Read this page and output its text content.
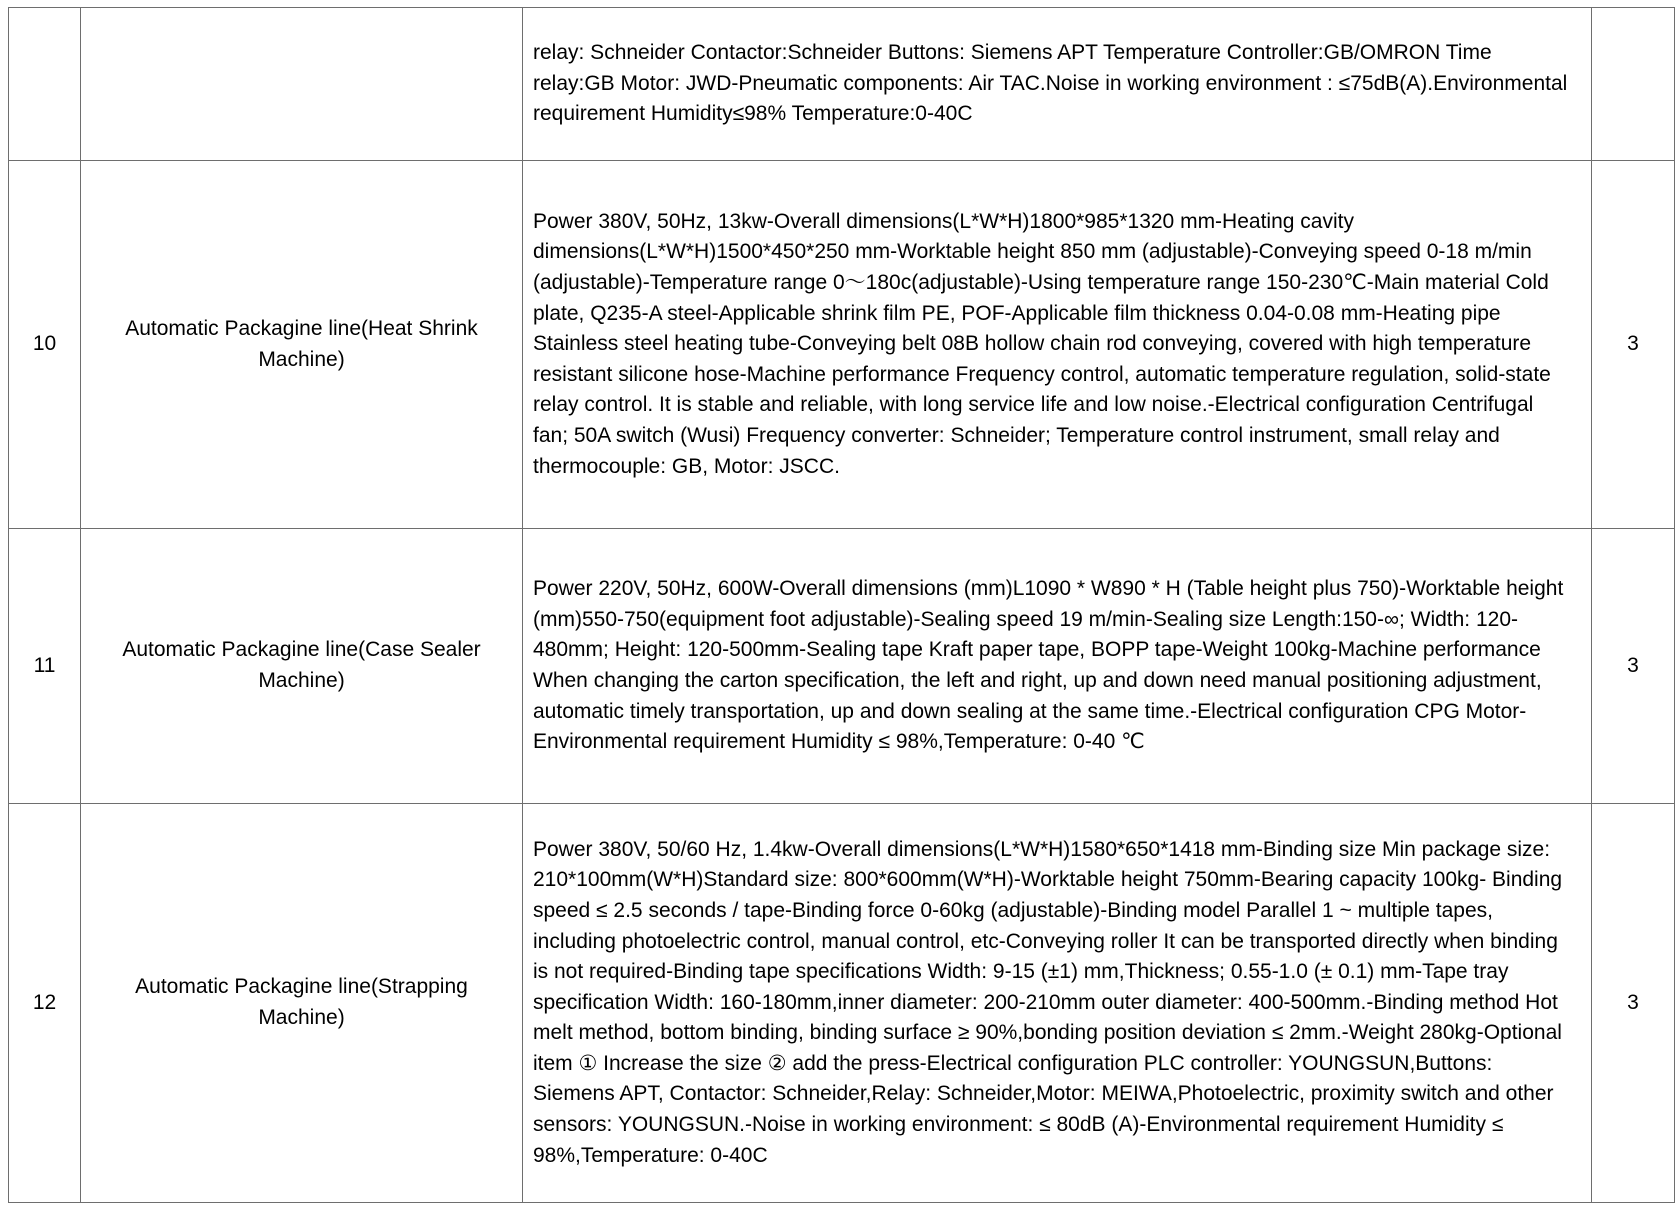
		relay: Schneider Contactor:Schneider Buttons: Siemens APT Temperature Controller:GB/OMRON Time relay:GB Motor: JWD-Pneumatic components: Air TAC.Noise in working environment : ≤75dB(A).Environmental requirement Humidity≤98% Temperature:0-40C	

10	Automatic Packagine line(Heat Shrink Machine)	Power 380V, 50Hz, 13kw-Overall dimensions(L*W*H)1800*985*1320 mm-Heating cavity dimensions(L*W*H)1500*450*250 mm-Worktable height 850 mm (adjustable)-Conveying speed 0-18 m/min (adjustable)-Temperature range 0～180c(adjustable)-Using temperature range 150-230℃-Main material Cold plate, Q235-A steel-Applicable shrink film PE, POF-Applicable film thickness 0.04-0.08 mm-Heating pipe Stainless steel heating tube-Conveying belt 08B hollow chain rod conveying, covered with high temperature resistant silicone hose-Machine performance Frequency control, automatic temperature regulation, solid-state relay control. It is stable and reliable, with long service life and low noise.-Electrical configuration Centrifugal fan; 50A switch (Wusi) Frequency converter: Schneider; Temperature control instrument, small relay and thermocouple: GB, Motor: JSCC.	3
11	Automatic Packagine line(Case Sealer Machine)	Power 220V, 50Hz, 600W-Overall dimensions (mm)L1090 * W890 * H (Table height plus 750)-Worktable height (mm)550-750(equipment foot adjustable)-Sealing speed 19 m/min-Sealing size Length:150-∞; Width: 120-480mm; Height: 120-500mm-Sealing tape Kraft paper tape, BOPP tape-Weight 100kg-Machine performance When changing the carton specification, the left and right, up and down need manual positioning adjustment, automatic timely transportation, up and down sealing at the same time.-Electrical configuration CPG Motor-Environmental requirement Humidity ≤ 98%,Temperature: 0-40 ℃	3
12	Automatic Packagine line(Strapping Machine)	Power 380V, 50/60 Hz, 1.4kw-Overall dimensions(L*W*H)1580*650*1418 mm-Binding size Min package size: 210*100mm(W*H)Standard size: 800*600mm(W*H)-Worktable height 750mm-Bearing capacity 100kg- Binding speed ≤ 2.5 seconds / tape-Binding force 0-60kg (adjustable)-Binding model Parallel 1 ~ multiple tapes, including photoelectric control, manual control, etc-Conveying roller It can be transported directly when binding is not required-Binding tape specifications Width: 9-15 (±1) mm,Thickness; 0.55-1.0 (± 0.1) mm-Tape tray specification Width: 160-180mm,inner diameter: 200-210mm outer diameter: 400-500mm.-Binding method Hot melt method, bottom binding, binding surface ≥ 90%,bonding position deviation ≤ 2mm.-Weight 280kg-Optional item ① Increase the size ② add the press-Electrical configuration PLC controller: YOUNGSUN,Buttons: Siemens APT, Contactor: Schneider,Relay: Schneider,Motor: MEIWA,Photoelectric, proximity switch and other sensors: YOUNGSUN.-Noise in working environment: ≤ 80dB (A)-Environmental requirement Humidity ≤ 98%,Temperature: 0-40C	3
